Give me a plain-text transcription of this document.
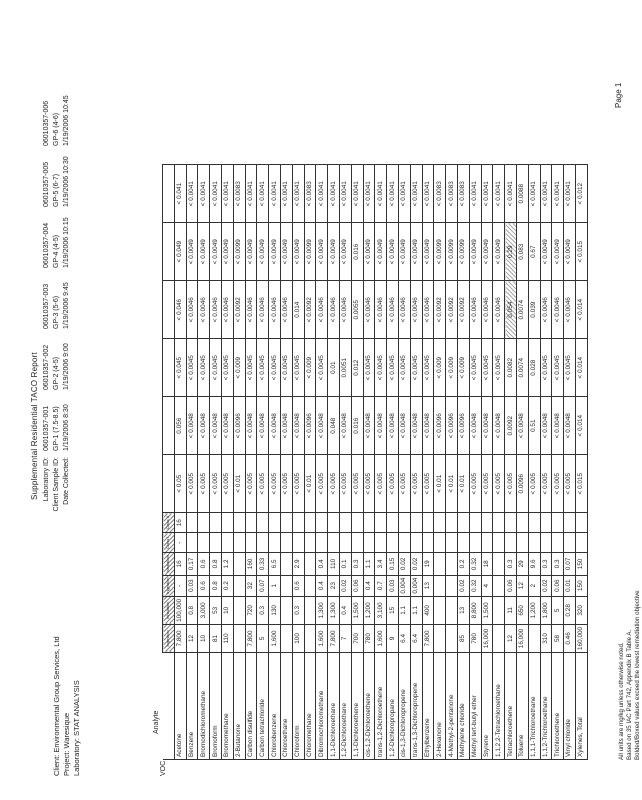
Supplemental Residential TACO Report
Client: Environmental Group Services, Ltd Project: Waresique Laboratory: STAT ANALYSIS
Laboratory ID:
06010357-001
06010357-002
06010357-003
06010357-004
06010357-005
06010357-006
Client Sample ID:
GP-1 (7.5-8.5)
GP-2 (4-5)
GP-3 (5-6)
GP-4 (4-5)
GP-5 (6-7)
GP-6 (4-6)
Date Collected:
1/19/2006 8:30
1/19/2006 9:00
1/19/2006 9:45
1/19/2006 10:15
1/19/2006 10:30
1/19/2006 10:45
VOC
Analyte
	Ingestion	Inhalation	Ingestion	Inhalation	Class I	Class II						
Acetone	7,800	100,000	-	16	-	16	< 0.05	0.056	< 0.045	< 0.046	< 0.049	< 0.041
Benzene	12	0.8	0.03	0.17			< 0.005	< 0.0048	< 0.0045	< 0.0046	< 0.0049	< 0.0041
Bromodichloromethane	10	3,000	0.6	0.6			< 0.005	< 0.0048	< 0.0045	< 0.0046	< 0.0049	< 0.0041
Bromoform	81	53	0.8	0.8			< 0.005	< 0.0048	< 0.0045	< 0.0046	< 0.0049	< 0.0041
Bromomethane	110	10	0.2	1.2			< 0.005	< 0.0048	< 0.0045	< 0.0046	< 0.0049	< 0.0041
2-Butanone							< 0.01	< 0.0096	< 0.009	< 0.0092	< 0.0099	< 0.0083
Carbon disulfide	7,800	720	32	160			< 0.005	< 0.0048	< 0.0045	< 0.0046	< 0.0049	< 0.0041
Carbon tetrachloride	5	0.3	0.07	0.33			< 0.005	< 0.0048	< 0.0045	< 0.0046	< 0.0049	< 0.0041
Chlorobenzene	1,600	130	1	6.5			< 0.005	< 0.0048	< 0.0045	< 0.0046	< 0.0049	< 0.0041
Chloroethane							< 0.005	< 0.0048	< 0.0045	< 0.0046	< 0.0049	< 0.0041
Chloroform	100	0.3	0.6	2.9			< 0.005	< 0.0048	< 0.0045	0.014	< 0.0049	< 0.0041
Chloromethane							< 0.01	< 0.0096	< 0.009	< 0.0092	< 0.0099	< 0.0083
Dibromochloromethane	1,600	1,300	0.4	0.4			< 0.005	< 0.0048	< 0.0045	< 0.0046	< 0.0049	< 0.0041
1,1-Dichloroethane	7,800	1,300	23	110			< 0.005	0.048	0.01	< 0.0046	< 0.0049	< 0.0041
1,2-Dichloroethane	7	0.4	0.02	0.1			< 0.005	< 0.0048	0.0051	< 0.0046	< 0.0049	< 0.0041
1,1-Dichloroethene	700	1,500	0.06	0.3			< 0.005	0.016	0.012	0.0055	0.016	< 0.0041
cis-1,2-Dichloroethene	780	1,200	0.4	1.1			< 0.005	< 0.0048	< 0.0045	< 0.0046	< 0.0049	< 0.0041
trans-1,2-Dichloroethene	1,600	3,100	0.7	3.4			< 0.005	< 0.0048	< 0.0045	< 0.0046	< 0.0049	< 0.0041
1,2-Dichloropropane	9	15	0.03	0.15			< 0.005	< 0.0048	< 0.0045	< 0.0046	< 0.0049	< 0.0041
cis-1,3-Dichloropropene	6.4	1.1	0.004	0.02			< 0.005	< 0.0048	< 0.0045	< 0.0046	< 0.0049	< 0.0041
trans-1,3-Dichloropropene	6.4	1.1	0.004	0.02			< 0.005	< 0.0048	< 0.0045	< 0.0046	< 0.0049	< 0.0041
Ethylbenzene	7,800	400	13	19			< 0.005	< 0.0048	< 0.0045	< 0.0046	< 0.0049	< 0.0041
2-Hexanone							< 0.01	< 0.0096	< 0.009	< 0.0092	< 0.0099	< 0.0083
4-Methyl-2-pentanone							< 0.01	< 0.0096	< 0.009	< 0.0092	< 0.0099	< 0.0083
Methylene chloride	85	13	0.02	0.2			< 0.01	< 0.0096	< 0.009	< 0.0092	< 0.0099	< 0.0083
Methyl tert-butyl ether	780	8,800	0.32	0.32			< 0.005	< 0.0048	< 0.0045	< 0.0046	< 0.0049	< 0.0041
Styrene	16,000	1,500	4	18			< 0.005	< 0.0048	< 0.0045	< 0.0046	< 0.0049	< 0.0041
1,1,2,2-Tetrachloroethane							< 0.005	< 0.0048	< 0.0045	< 0.0046	< 0.0049	< 0.0041
Tetrachloroethene	12	11	0.06	0.3			< 0.005	0.0092	0.0082	0.054	0.29	< 0.0041
Toluene	16,000	650	12	29			0.0096	< 0.0048	0.0074	0.0074	0.083	0.0088
1,1,1-Trichloroethane		1,200	2	9.6			< 0.005	0.51	0.028	0.039	0.67	< 0.0041
1,1,2-Trichloroethane	310	1,800	0.02	0.3			< 0.005	< 0.0048	< 0.0045	< 0.0046	< 0.0049	< 0.0041
Trichloroethene	58	5	0.06	0.3			< 0.005	< 0.0048	< 0.0045	< 0.0046	< 0.0049	< 0.0041
Vinyl chloride	0.46	0.28	0.01	0.07			< 0.005	< 0.0048	< 0.0045	< 0.0046	< 0.0049	< 0.0041
Xylenes, Total	160,000	320	150	150			< 0.015	< 0.014	< 0.014	< 0.014	< 0.015	< 0.012
All units are mg/kg unless otherwise noted. Based on 35 IAC Part 742, Appendix B Table A. Bolded/Boxed values exceed the lowest remediation objective
Page 1
